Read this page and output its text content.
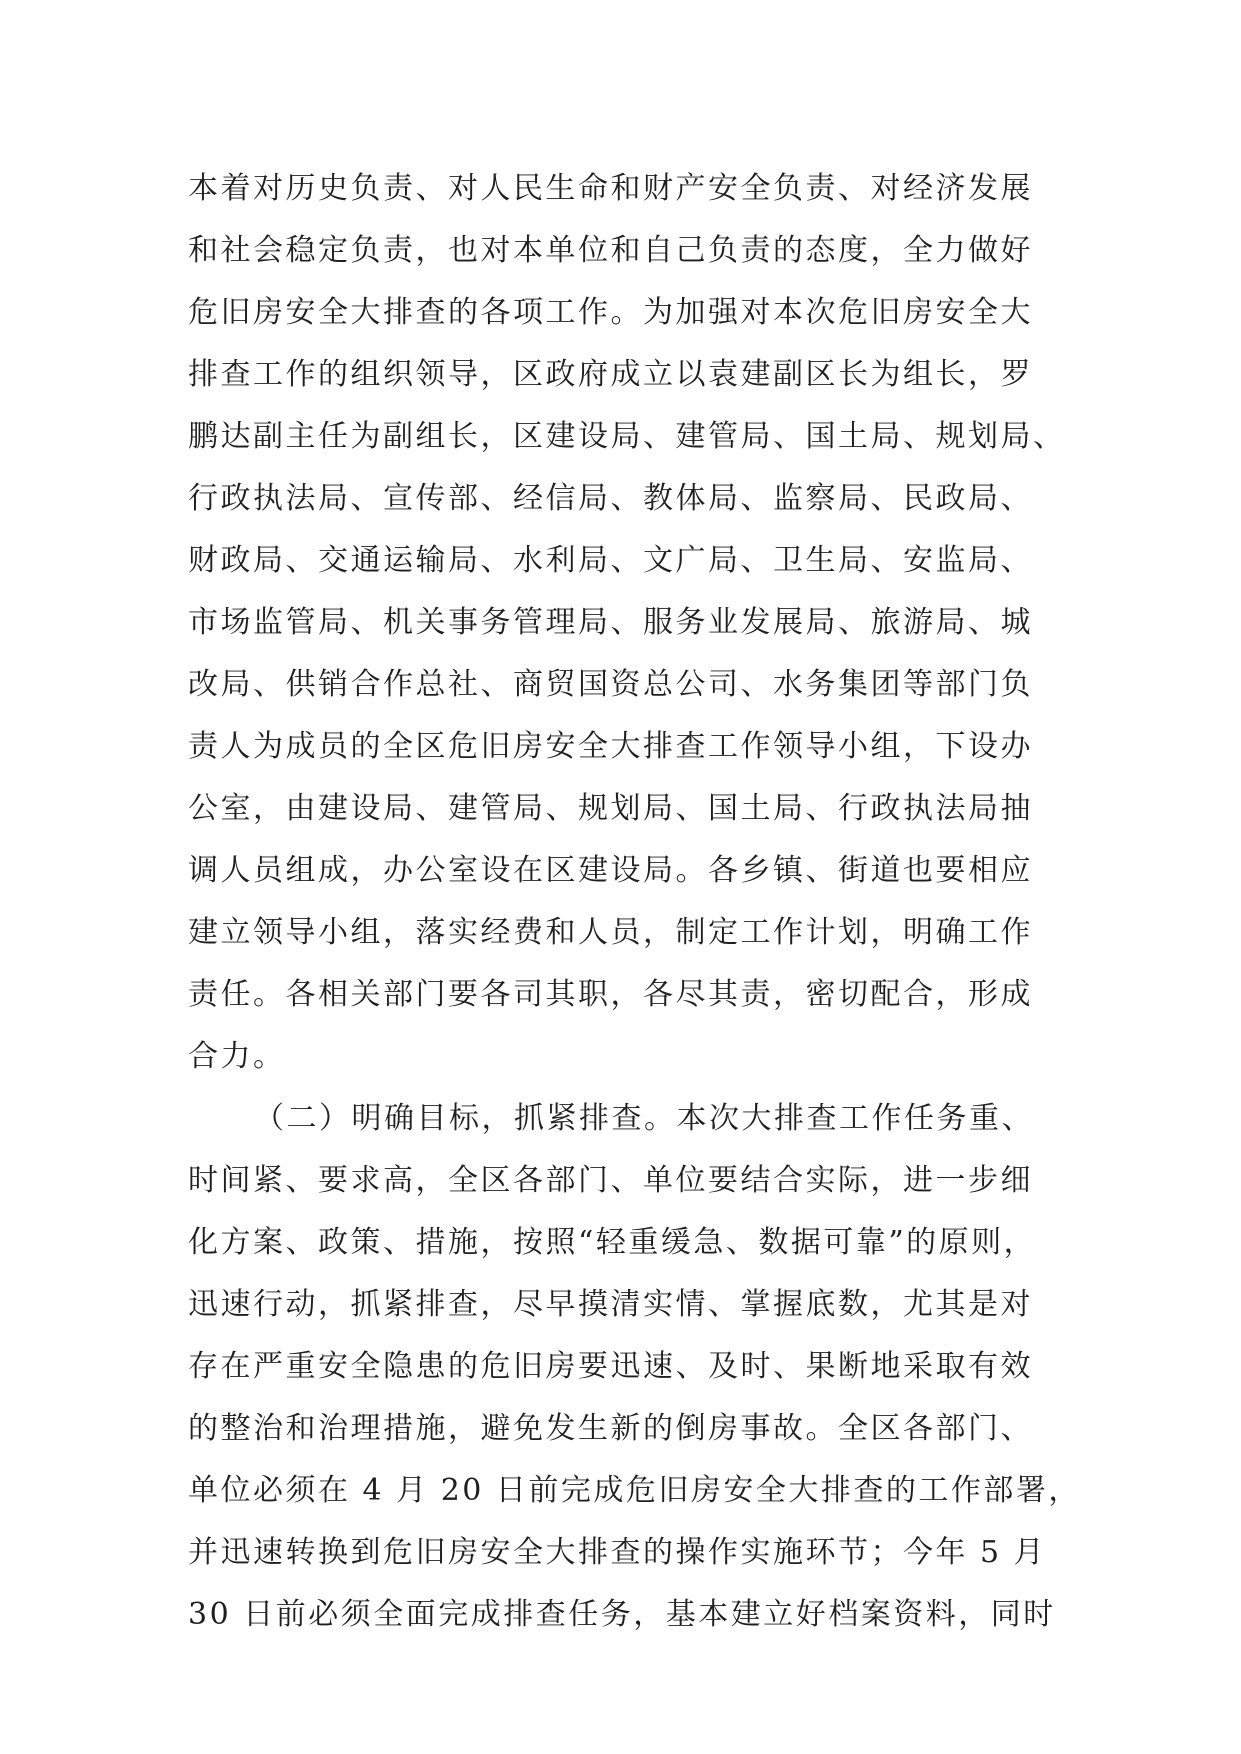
本着对历史负责、对人民生命和财产安全负责、对经济发展
和社会稳定负责，也对本单位和自己负责的态度，全力做好
危旧房安全大排查的各项工作。为加强对本次危旧房安全大
排查工作的组织领导，区政府成立以袁建副区长为组长，罗
鹏达副主任为副组长，区建设局、建管局、国土局、规划局、
行政执法局、宣传部、经信局、教体局、监察局、民政局、
财政局、交通运输局、水利局、文广局、卫生局、安监局、
市场监管局、机关事务管理局、服务业发展局、旅游局、城
改局、供销合作总社、商贸国资总公司、水务集团等部门负
责人为成员的全区危旧房安全大排查工作领导小组，下设办
公室，由建设局、建管局、规划局、国土局、行政执法局抽
调人员组成，办公室设在区建设局。各乡镇、街道也要相应
建立领导小组，落实经费和人员，制定工作计划，明确工作
责任。各相关部门要各司其职，各尽其责，密切配合，形成
合力。
（二）明确目标，抓紧排查。本次大排查工作任务重、
时间紧、要求高，全区各部门、单位要结合实际，进一步细
化方案、政策、措施，按照“轻重缓急、数据可靠”的原则，
迅速行动，抓紧排查，尽早摸清实情、掌握底数，尤其是对
存在严重安全隐患的危旧房要迅速、及时、果断地采取有效
的整治和治理措施，避免发生新的倒房事故。全区各部门、
单位必须在 4 月 20 日前完成危旧房安全大排查的工作部署，
并迅速转换到危旧房安全大排查的操作实施环节；今年 5 月
30 日前必须全面完成排查任务，基本建立好档案资料，同时
